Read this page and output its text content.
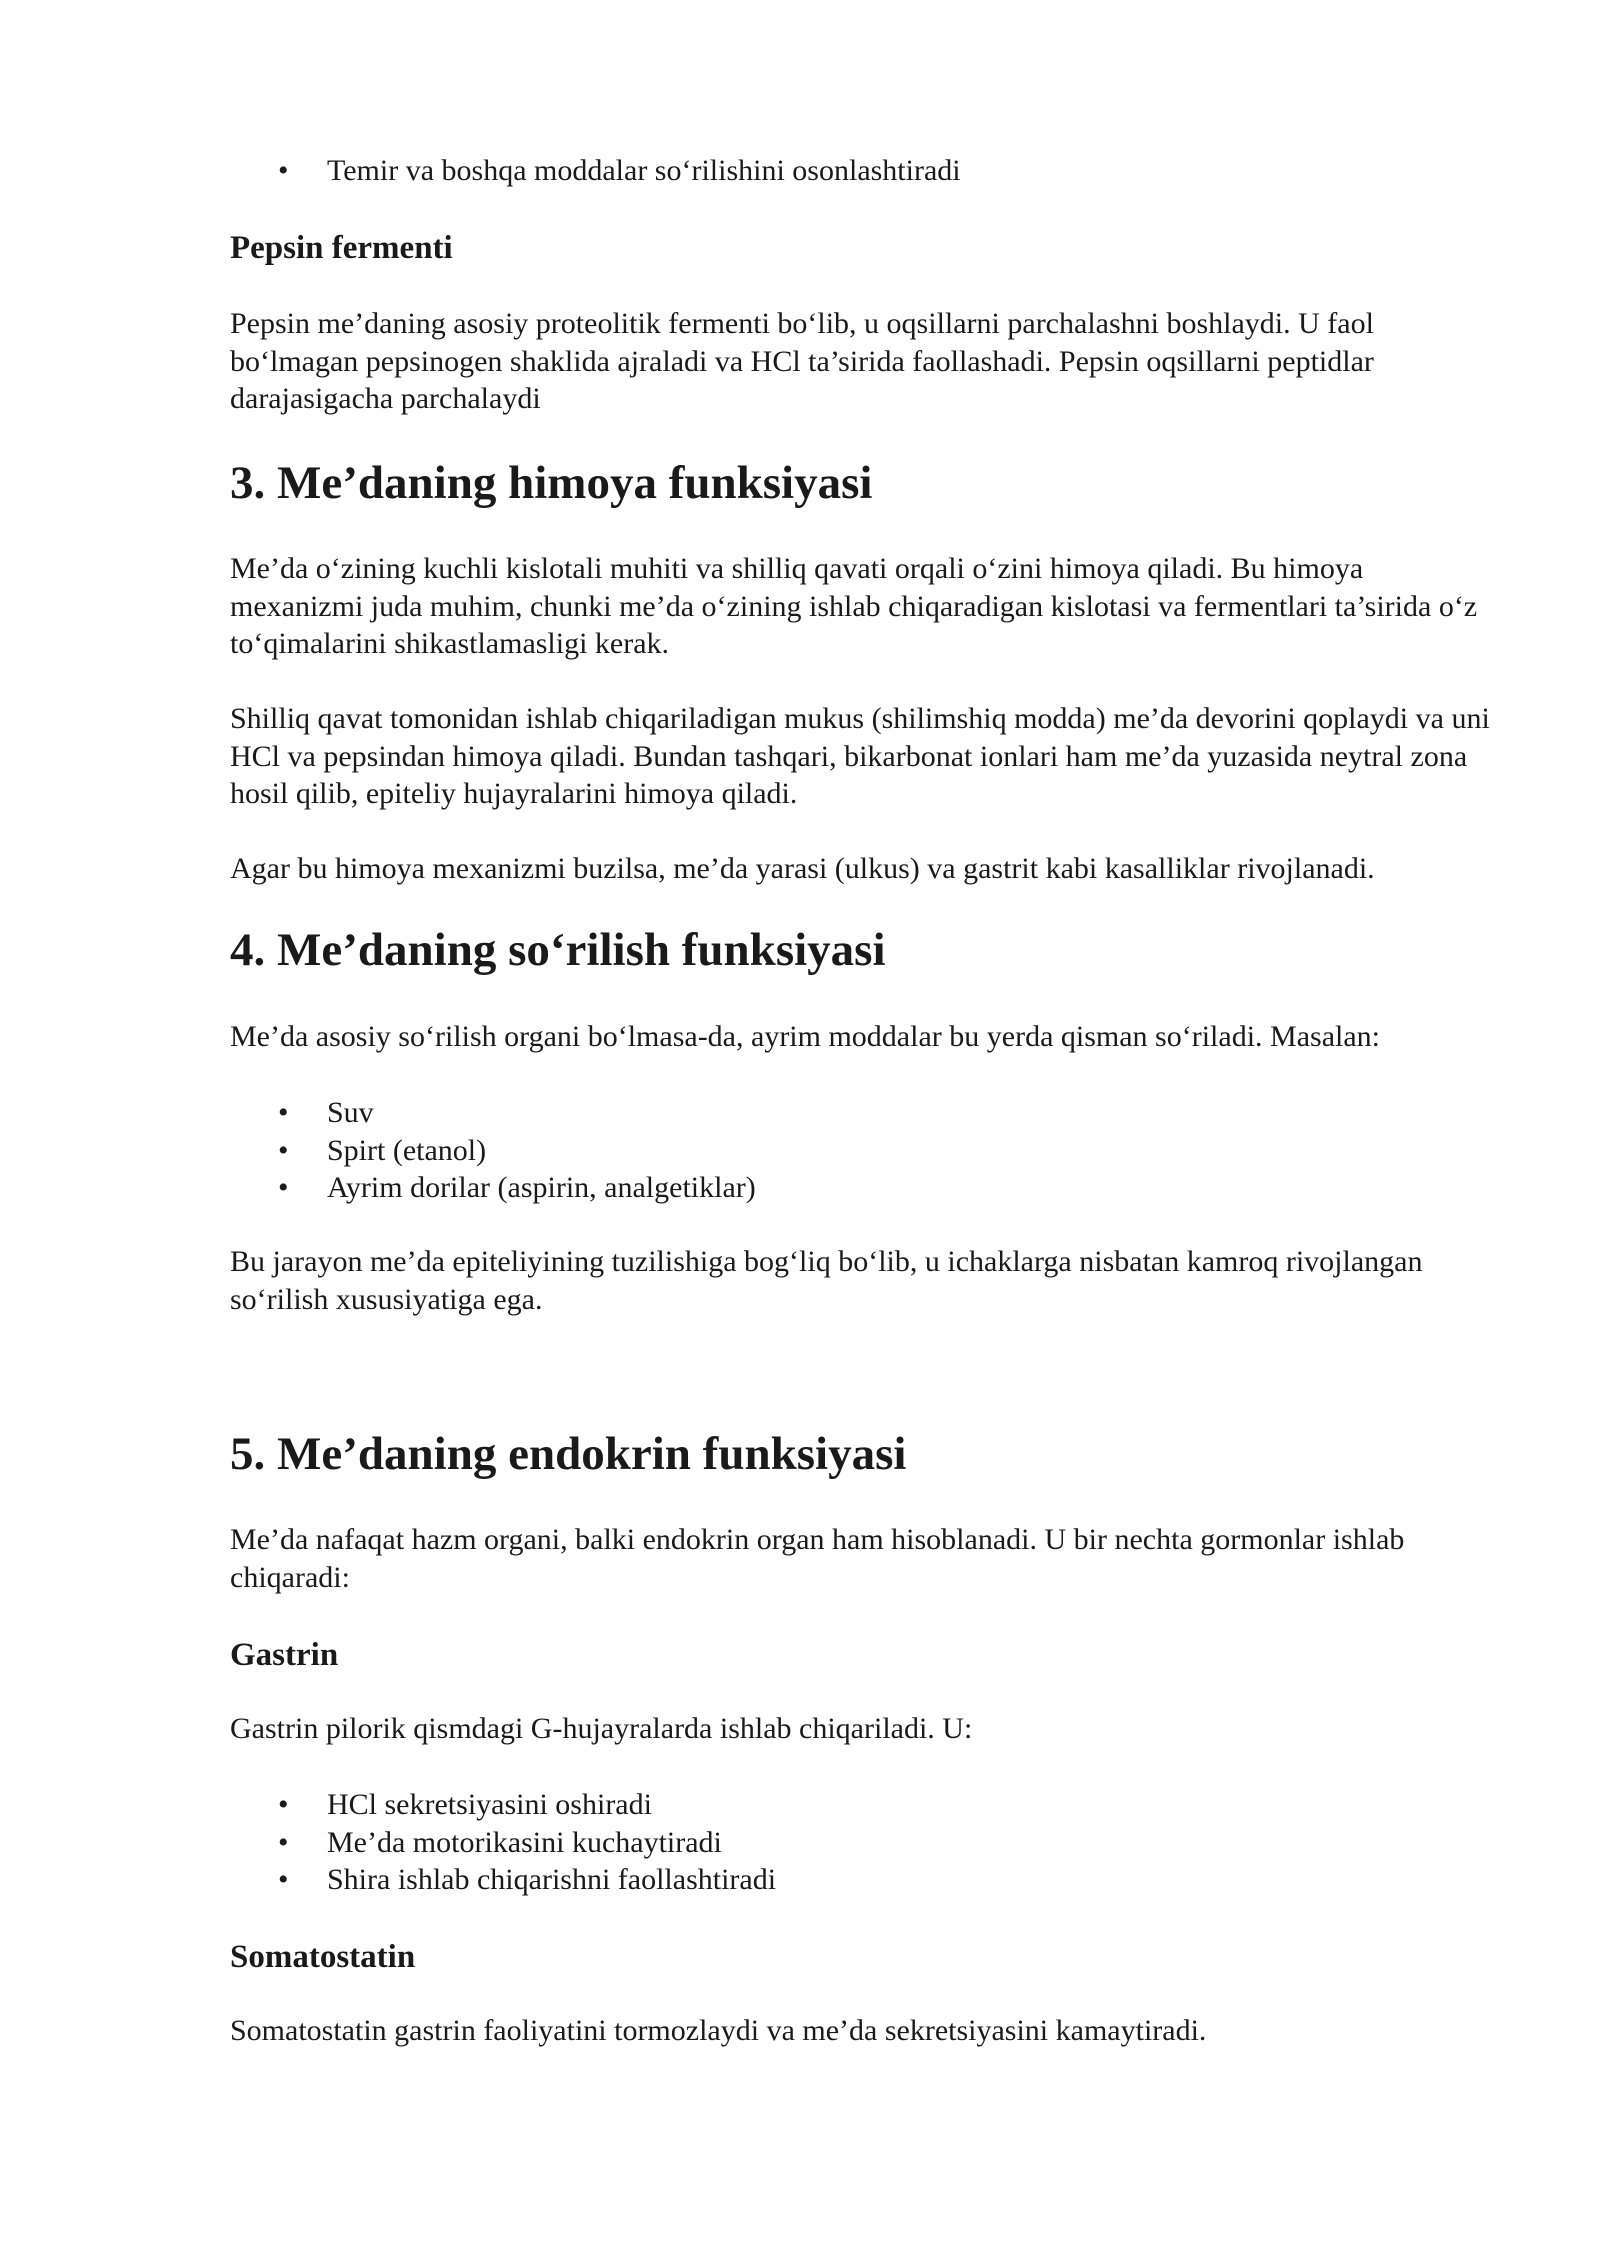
• Temir va boshqa moddalar so‘rilishini osonlashtiradi
Pepsin fermenti

Pepsin me’daning asosiy proteolitik fermenti bo‘lib, u oqsillarni parchalashni boshlaydi. U faol bo‘lmagan pepsinogen shaklida ajraladi va HCl ta’sirida faollashadi. Pepsin oqsillarni peptidlar darajasigacha parchalaydi

3. Me’daning himoya funksiyasi

Me’da o‘zining kuchli kislotali muhiti va shilliq qavati orqali o‘zini himoya qiladi. Bu himoya mexanizmi juda muhim, chunki me’da o‘zining ishlab chiqaradigan kislotasi va fermentlari ta’sirida o‘z to‘qimalarini shikastlamasligi kerak.

Shilliq qavat tomonidan ishlab chiqariladigan mukus (shilimshiq modda) me’da devorini qoplaydi va uni HCl va pepsindan himoya qiladi. Bundan tashqari, bikarbonat ionlari ham me’da yuzasida neytral zona hosil qilib, epiteliy hujayralarini himoya qiladi.

Agar bu himoya mexanizmi buzilsa, me’da yarasi (ulkus) va gastrit kabi kasalliklar rivojlanadi.

4. Me’daning so‘rilish funksiyasi

Me’da asosiy so‘rilish organi bo‘lmasa-da, ayrim moddalar bu yerda qisman so‘riladi. Masalan:

• Suv
• Spirt (etanol)
• Ayrim dorilar (aspirin, analgetiklar)

Bu jarayon me’da epiteliyining tuzilishiga bog‘liq bo‘lib, u ichaklarga nisbatan kamroq rivojlangan so‘rilish xususiyatiga ega.

5. Me’daning endokrin funksiyasi

Me’da nafaqat hazm organi, balki endokrin organ ham hisoblanadi. U bir nechta gormonlar ishlab chiqaradi:

Gastrin

Gastrin pilorik qismdagi G-hujayralarda ishlab chiqariladi. U:

• HCl sekretsiyasini oshiradi
• Me’da motorikasini kuchaytiradi
• Shira ishlab chiqarishni faollashtiradi
Somatostatin

Somatostatin gastrin faoliyatini tormozlaydi va me’da sekretsiyasini kamaytiradi.
